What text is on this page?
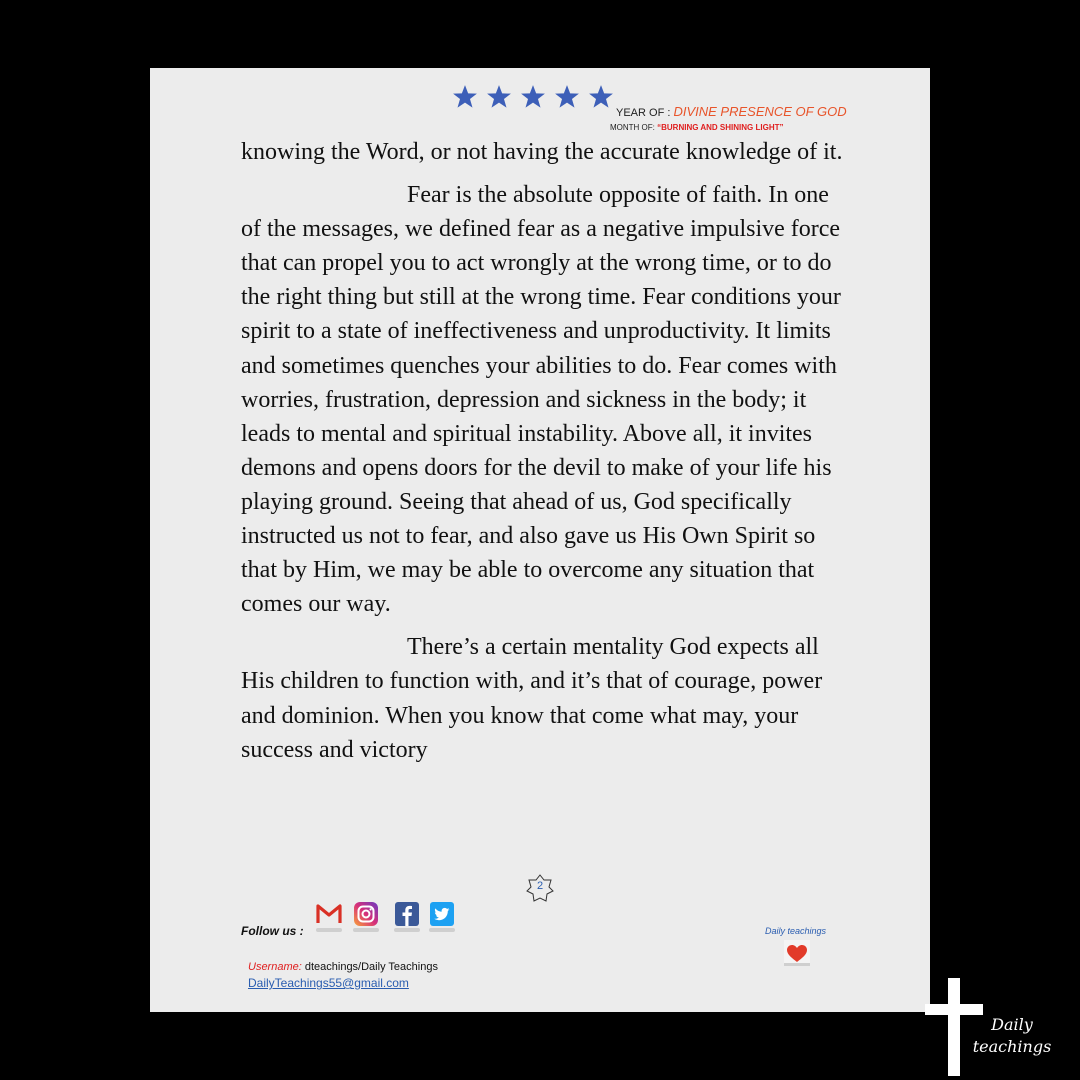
YEAR OF : DIVINE PRESENCE OF GOD
MONTH OF: “BURNING AND SHINING LIGHT”

knowing the Word, or not having the accurate knowledge of it.

Fear is the absolute opposite of faith. In one of the messages, we defined fear as a negative impulsive force that can propel you to act wrongly at the wrong time, or to do the right thing but still at the wrong time. Fear conditions your spirit to a state of ineffectiveness and unproductivity. It limits and sometimes quenches your abilities to do. Fear comes with worries, frustration, depression and sickness in the body; it leads to mental and spiritual instability. Above all, it invites demons and opens doors for the devil to make of your life his playing ground. Seeing that ahead of us, God specifically instructed us not to fear, and also gave us His Own Spirit so that by Him, we may be able to overcome any situation that comes our way.

There’s a certain mentality God expects all His children to function with, and it’s that of courage, power and dominion. When you know that come what may, your success and victory

2
Follow us :	Daily teachings
Username: dteachings/Daily Teachings
DailyTeachings55@gmail.com
Daily
teachings
